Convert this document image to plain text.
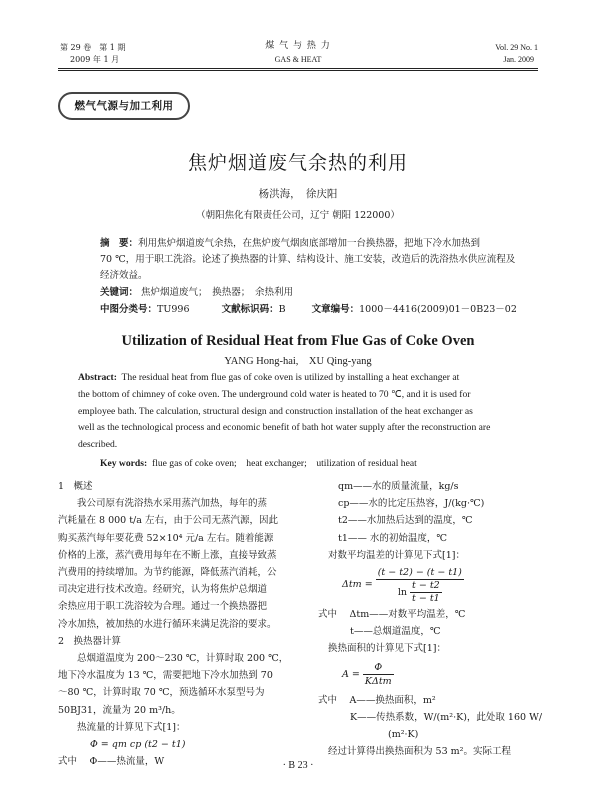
第 29 卷　第 1 期
2009 年 1 月
煤 气 与 热 力
GAS & HEAT
Vol. 29 No. 1
Jan. 2009
燃气气源与加工利用
焦炉烟道废气余热的利用
杨洪海，　徐庆阳
（朝阳焦化有限责任公司，辽宁 朝阳 122000）
摘　要：利用焦炉烟道废气余热，在焦炉废气烟囱底部增加一台换热器，把地下冷水加热到
70 ℃，用于职工洗浴。论述了换热器的计算、结构设计、施工安装，改造后的洗浴热水供应流程及
经济效益。
关键词： 焦炉烟道废气；　换热器；　余热利用
中图分类号：TU996	文献标识码：B	文章编号：1000－4416(2009)01－0B23－02
Utilization of Residual Heat from Flue Gas of Coke Oven
YANG Hong-hai,　XU Qing-yang
Abstract: The residual heat from flue gas of coke oven is utilized by installing a heat exchanger at
the bottom of chimney of coke oven. The underground cold water is heated to 70 ℃, and it is used for
employee bath. The calculation, structural design and construction installation of the heat exchanger as
well as the technological process and economic benefit of bath hot water supply after the reconstruction are
described.
Key words: flue gas of coke oven;　heat exchanger;　utilization of residual heat
1　概述
我公司原有洗浴热水采用蒸汽加热，每年的蒸
汽耗量在 8 000 t/a 左右，由于公司无蒸汽源，因此
购买蒸汽每年要花费 52×10⁴ 元/a 左右。随着能源
价格的上涨，蒸汽费用每年在不断上涨，直接导致蒸
汽费用的持续增加。为节约能源，降低蒸汽消耗，公
司决定进行技术改造。经研究，认为将焦炉总烟道
余热应用于职工洗浴较为合理。通过一个换热器把
冷水加热，被加热的水进行循环来满足洗浴的要求。
2　换热器计算
总烟道温度为 200～230 ℃，计算时取 200 ℃，
地下冷水温度为 13 ℃，需要把地下冷水加热到 70
～80 ℃，计算时取 70 ℃，预选循环水泵型号为
50BJ31，流量为 20 m³/h。
热流量的计算见下式[1]：
Φ = qm cp (t2 − t1)
式中　 Φ——热流量，W
qm——水的质量流量，kg/s
cp——水的比定压热容，J/(kg·℃)
t2——水加热后达到的温度，℃
t1—— 水的初始温度，℃
对数平均温差的计算见下式[1]：
Δtm =
(t − t2) − (t − t1)
ln
$\frac{t - t2}{t - t1}$
式中　 Δtm——对数平均温差，℃
t——总烟道温度，℃
换热面积的计算见下式[1]：
A =
$\frac{\Phi}{\text{KΔtm}}$
式中　 A——换热面积，m²
K——传热系数，W/(m²·K)，此处取 160 W/
(m²·K)
经过计算得出换热面积为 53 m²。实际工程
· B 23 ·
